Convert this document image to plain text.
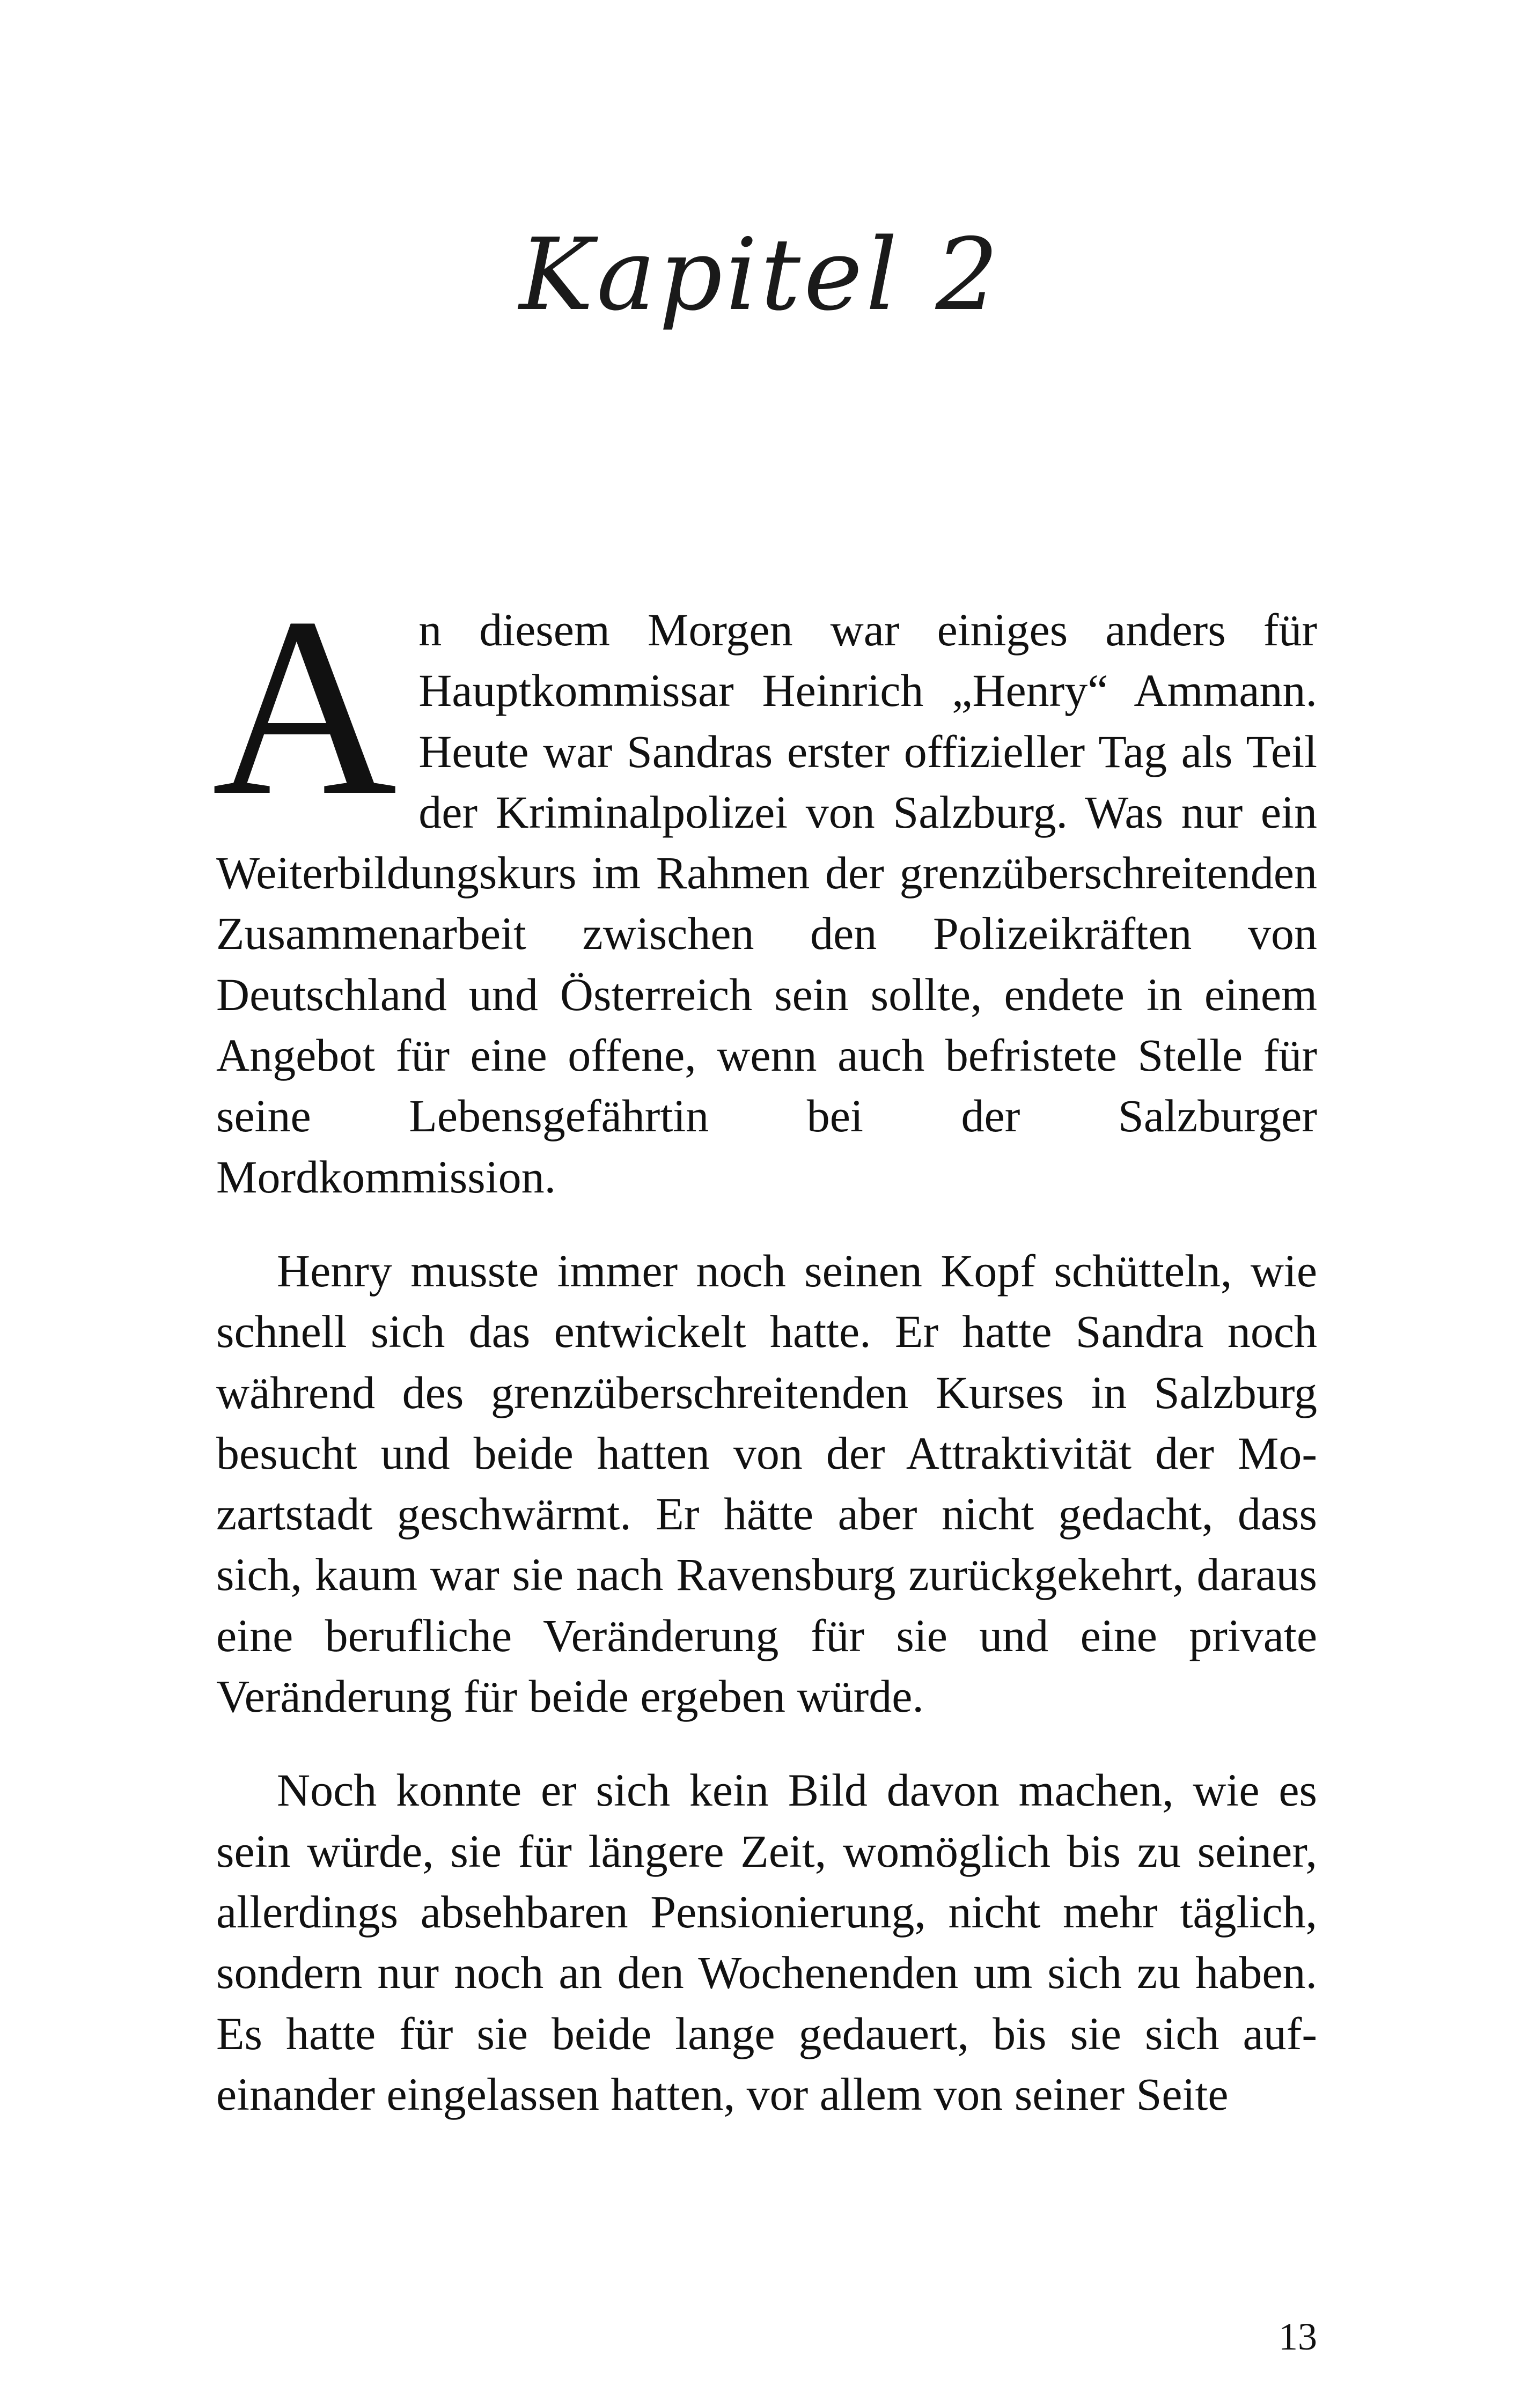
Kapitel 2

An diesem Morgen war einiges anders für Hauptkommissar Heinrich „Henry“ Ammann. Heute war Sandras erster offizieller Tag als Teil der Kriminalpolizei von Salzburg. Was nur ein Weiterbildungskurs im Rahmen der grenzüberschreitenden Zusammenarbeit zwischen den Polizeikräften von Deutschland und Österreich sein sollte, endete in einem Angebot für eine offene, wenn auch befristete Stelle für seine Lebensgefährtin bei der Salzburger Mordkommission.

Henry musste immer noch seinen Kopf schütteln, wie schnell sich das entwickelt hatte. Er hatte Sandra noch während des grenzüberschreitenden Kurses in Salzburg besucht und beide hatten von der Attraktivität der Mozartstadt geschwärmt. Er hätte aber nicht gedacht, dass sich, kaum war sie nach Ravensburg zurückgekehrt, daraus eine berufliche Veränderung für sie und eine private Veränderung für beide ergeben würde.

Noch konnte er sich kein Bild davon machen, wie es sein würde, sie für längere Zeit, womöglich bis zu seiner, allerdings absehbaren Pensionierung, nicht mehr täglich, sondern nur noch an den Wochenenden um sich zu haben. Es hatte für sie beide lange gedauert, bis sie sich aufeinander eingelassen hatten, vor allem von seiner Seite

13
